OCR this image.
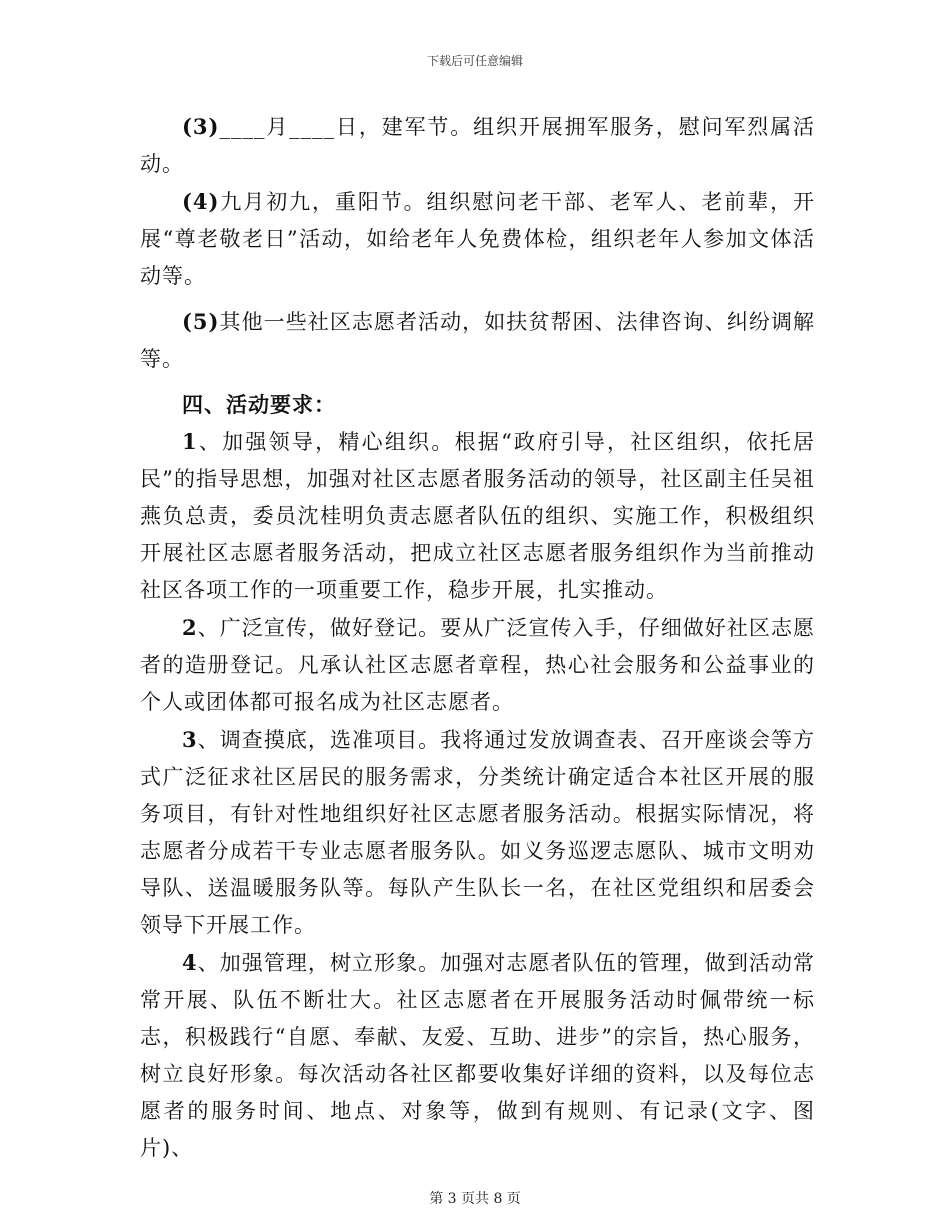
下载后可任意编辑

(3)____月____日，建军节。组织开展拥军服务，慰问军烈属活动。

(4)九月初九，重阳节。组织慰问老干部、老军人、老前辈，开展“尊老敬老日”活动，如给老年人免费体检，组织老年人参加文体活动等。

(5)其他一些社区志愿者活动，如扶贫帮困、法律咨询、纠纷调解等。

四、活动要求：

1、加强领导，精心组织。根据“政府引导，社区组织，依托居民”的指导思想，加强对社区志愿者服务活动的领导，社区副主任吴祖燕负总责，委员沈桂明负责志愿者队伍的组织、实施工作，积极组织开展社区志愿者服务活动，把成立社区志愿者服务组织作为当前推动社区各项工作的一项重要工作，稳步开展，扎实推动。

2、广泛宣传，做好登记。要从广泛宣传入手，仔细做好社区志愿者的造册登记。凡承认社区志愿者章程，热心社会服务和公益事业的个人或团体都可报名成为社区志愿者。

3、调查摸底，选准项目。我将通过发放调查表、召开座谈会等方式广泛征求社区居民的服务需求，分类统计确定适合本社区开展的服务项目，有针对性地组织好社区志愿者服务活动。根据实际情况，将志愿者分成若干专业志愿者服务队。如义务巡逻志愿队、城市文明劝导队、送温暖服务队等。每队产生队长一名，在社区党组织和居委会领导下开展工作。

4、加强管理，树立形象。加强对志愿者队伍的管理，做到活动常常开展、队伍不断壮大。社区志愿者在开展服务活动时佩带统一标志，积极践行“自愿、奉献、友爱、互助、进步”的宗旨，热心服务，树立良好形象。每次活动各社区都要收集好详细的资料，以及每位志愿者的服务时间、地点、对象等，做到有规则、有记录(文字、图片)、

第 3 页共 8 页
